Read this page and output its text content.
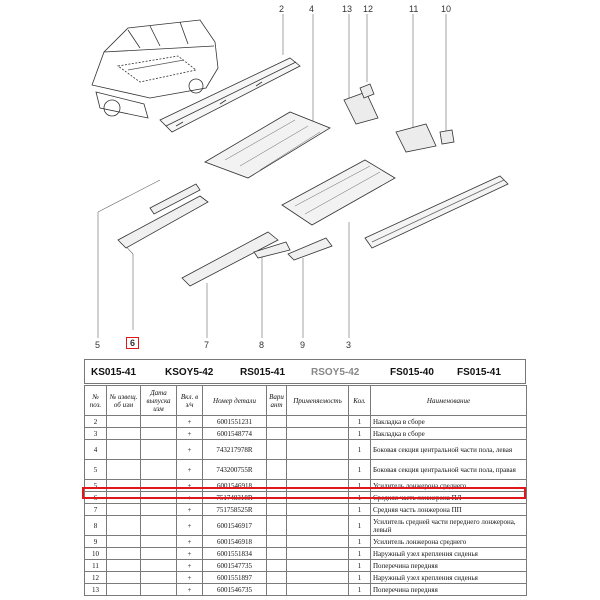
2	4	13 12	11	10
5	6	7	8	9	3
KS015-41	KSOY5-42	RS015-41	RSOY5-42	FS015-40 FS015-41
№ поз.	№ извещ. об изм	Дата выпуска изм	Вкл. в з/ч	Номер детали	Вари ант	Применяемость	Кол.	Наименование
2			+	6001551231			1	Накладка в сборе
3			+	6001548774			1	Накладка в сборе
4			+	743217978R			1	Боковая секция центральной части пола, левая
5			+	743200755R			1	Боковая секция центральной части пола, правая
5			+	6001546918			1	Усилитель лонжерона среднего
6			+	751748318R			1	Средняя часть лонжерона ПЛ
7			+	751758525R			1	Средняя часть лонжерона ПП
8			+	6001546917			1	Усилитель средней части переднего лонжерона, левый
9			+	6001546918			1	Усилитель лонжерона среднего
10			+	6001551834			1	Наружный узел крепления сиденья
11			+	6001547735			1	Поперечина передняя
12			+	6001551897			1	Наружный узел крепления сиденья
13			+	6001546735			1	Поперечина передняя
